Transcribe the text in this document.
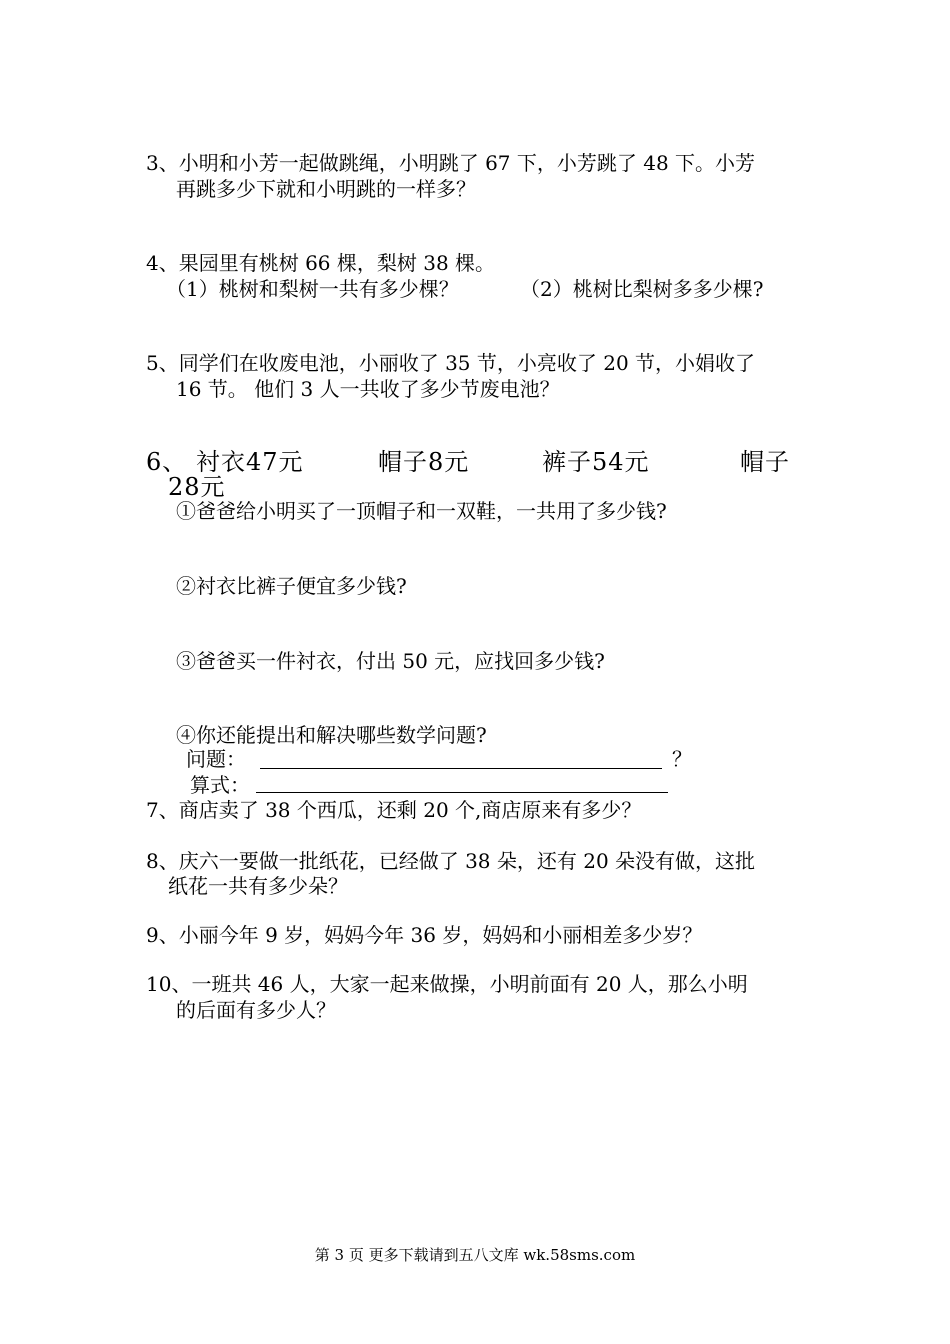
3、小明和小芳一起做跳绳，小明跳了 67 下，小芳跳了 48 下。小芳
再跳多少下就和小明跳的一样多？
4、果园里有桃树 66 棵，梨树 38 棵。
（1）桃树和梨树一共有多少棵？	（2）桃树比梨树多多少棵?
5、同学们在收废电池，小丽收了 35 节，小亮收了 20 节，小娟收了
16 节。 他们 3 人一共收了多少节废电池？
6、 衬衣47元	帽子8元	裤子54元	帽子
28元
①爸爸给小明买了一顶帽子和一双鞋，一共用了多少钱?
②衬衣比裤子便宜多少钱?
③爸爸买一件衬衣，付出 50 元，应找回多少钱?
④你还能提出和解决哪些数学问题?
问题：	？
算式：
7、商店卖了 38 个西瓜，还剩 20 个,商店原来有多少？
8、庆六一要做一批纸花，已经做了 38 朵，还有 20 朵没有做，这批
纸花一共有多少朵？
9、小丽今年 9 岁，妈妈今年 36 岁，妈妈和小丽相差多少岁？
10、一班共 46 人，大家一起来做操，小明前面有 20 人，那么小明
的后面有多少人？
第 3 页 更多下载请到五八文库 wk.58sms.com
